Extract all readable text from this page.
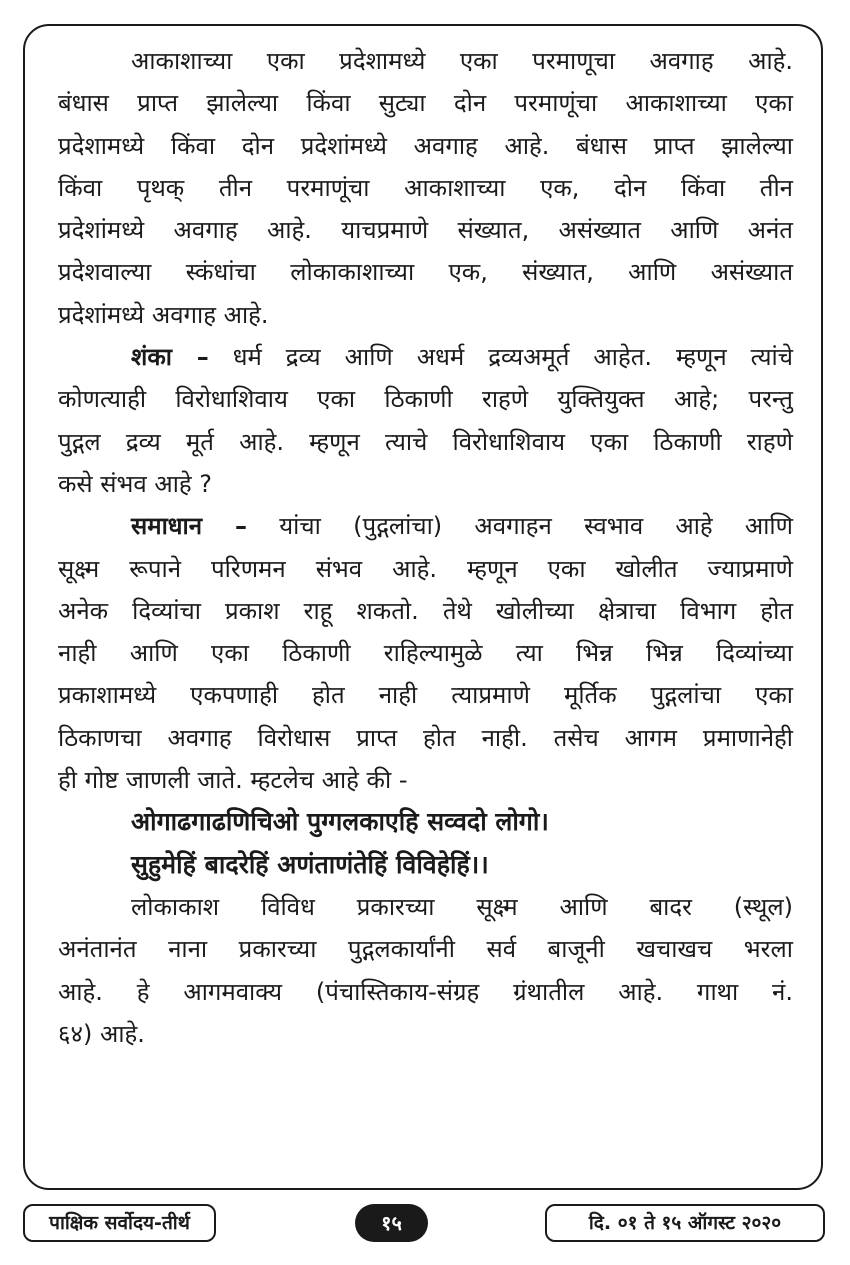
आकाशाच्या एका प्रदेशामध्ये एका परमाणूचा अवगाह आहे.
बंधास प्राप्त झालेल्या किंवा सुट्या दोन परमाणूंचा आकाशाच्या एका
प्रदेशामध्ये किंवा दोन प्रदेशांमध्ये अवगाह आहे. बंधास प्राप्त झालेल्या
किंवा पृथक् तीन परमाणूंचा आकाशाच्या एक, दोन किंवा तीन
प्रदेशांमध्ये अवगाह आहे. याचप्रमाणे संख्यात, असंख्यात आणि अनंत
प्रदेशवाल्या स्कंधांचा लोकाकाशाच्या एक, संख्यात, आणि असंख्यात
प्रदेशांमध्ये अवगाह आहे.
शंका – धर्म द्रव्य आणि अधर्म द्रव्यअमूर्त आहेत. म्हणून त्यांचे
कोणत्याही विरोधाशिवाय एका ठिकाणी राहणे युक्तियुक्त आहे; परन्तु
पुद्गल द्रव्य मूर्त आहे. म्हणून त्याचे विरोधाशिवाय एका ठिकाणी राहणे
कसे संभव आहे ?
समाधान – यांचा (पुद्गलांचा) अवगाहन स्वभाव आहे आणि
सूक्ष्म रूपाने परिणमन संभव आहे. म्हणून एका खोलीत ज्याप्रमाणे
अनेक दिव्यांचा प्रकाश राहू शकतो. तेथे खोलीच्या क्षेत्राचा विभाग होत
नाही आणि एका ठिकाणी राहिल्यामुळे त्या भिन्न भिन्न दिव्यांच्या
प्रकाशामध्ये एकपणाही होत नाही त्याप्रमाणे मूर्तिक पुद्गलांचा एका
ठिकाणचा अवगाह विरोधास प्राप्त होत नाही. तसेच आगम प्रमाणानेही
ही गोष्ट जाणली जाते. म्हटलेच आहे की -
ओगाढगाढणिचिओ पुग्गलकाएहि सव्वदो लोगो।
सुहुमेहिं बादरेहिं अणंताणंतेहिं विविहेहिं।।
लोकाकाश विविध प्रकारच्या सूक्ष्म आणि बादर (स्थूल)
अनंतानंत नाना प्रकारच्या पुद्गलकार्यांनी सर्व बाजूनी खचाखच भरला
आहे. हे आगमवाक्य (पंचास्तिकाय-संग्रह ग्रंथातील आहे. गाथा नं.
६४) आहे.
पाक्षिक सर्वोदय-तीर्थ	१५	दि. ०१ ते १५ ऑगस्ट २०२०
